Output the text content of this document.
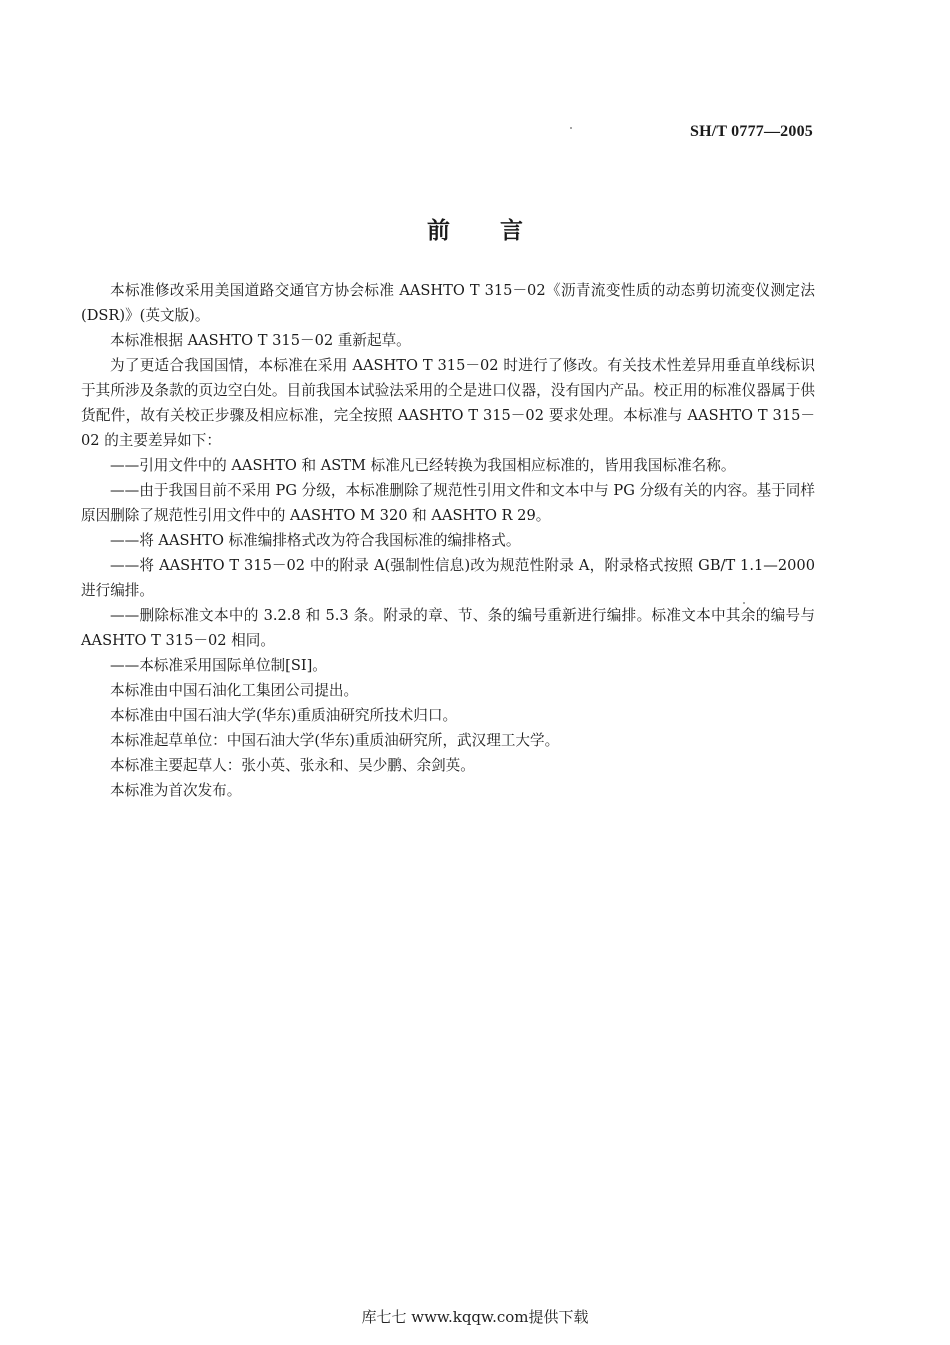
SH/T 0777—2005
前 言

本标准修改采用美国道路交通官方协会标准 AASHTO T 315－02《沥青流变性质的动态剪切流变仪测定法(DSR)》(英文版)。

本标准根据 AASHTO T 315－02 重新起草。

为了更适合我国国情，本标准在采用 AASHTO T 315－02 时进行了修改。有关技术性差异用垂直单线标识于其所涉及条款的页边空白处。目前我国本试验法采用的仝是进口仪器，没有国内产品。校正用的标准仪器属于供货配件，故有关校正步骤及相应标准，完全按照 AASHTO T 315－02 要求处理。本标准与 AASHTO T 315－02 的主要差异如下：

——引用文件中的 AASHTO 和 ASTM 标准凡已经转换为我国相应标准的，皆用我国标准名称。

——由于我国目前不采用 PG 分级，本标准删除了规范性引用文件和文本中与 PG 分级有关的内容。基于同样原因删除了规范性引用文件中的 AASHTO M 320 和 AASHTO R 29。

——将 AASHTO 标准编排格式改为符合我国标准的编排格式。

——将 AASHTO T 315－02 中的附录 A(强制性信息)改为规范性附录 A，附录格式按照 GB/T 1.1—2000 进行编排。

——删除标准文本中的 3.2.8 和 5.3 条。附录的章、节、条的编号重新进行编排。标准文本中其余的编号与 AASHTO T 315－02 相同。

——本标准采用国际单位制[SI]。

本标准由中国石油化工集团公司提出。

本标准由中国石油大学(华东)重质油研究所技术归口。

本标准起草单位：中国石油大学(华东)重质油研究所，武汉理工大学。

本标准主要起草人：张小英、张永和、吴少鹏、余剑英。

本标准为首次发布。

库七七 www.kqqw.com提供下载
